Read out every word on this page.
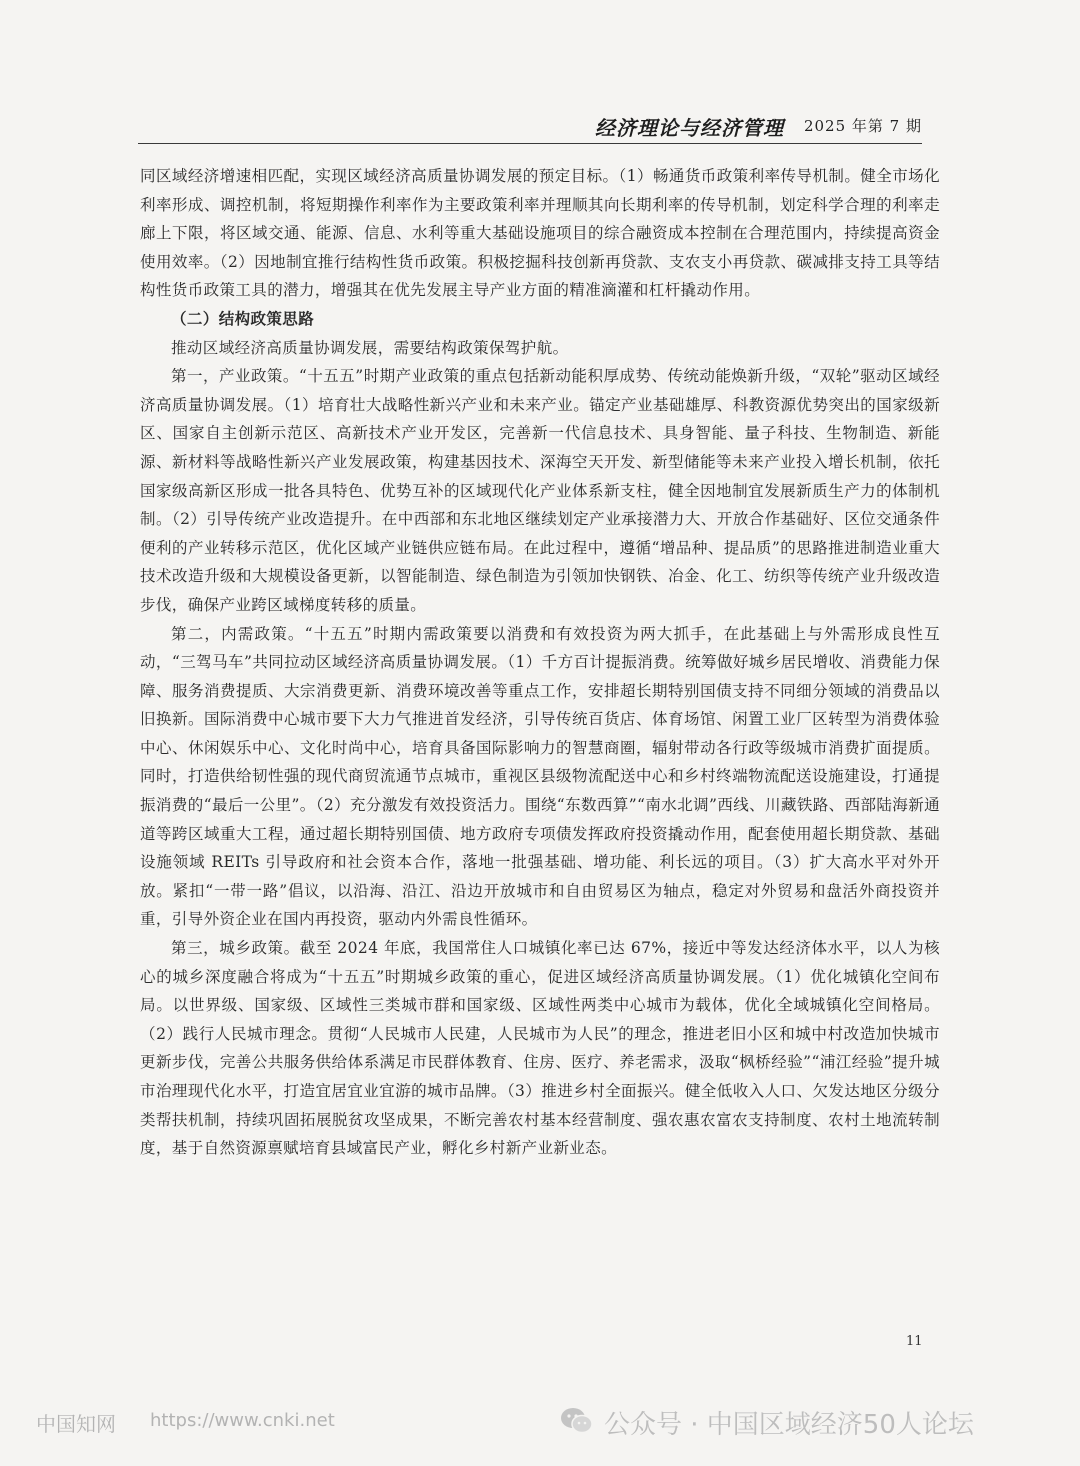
经济理论与经济管理 2025 年第 7 期

同区域经济增速相匹配，实现区域经济高质量协调发展的预定目标。（1）畅通货币政策利率传导机制。健全市场化利率形成、调控机制，将短期操作利率作为主要政策利率并理顺其向长期利率的传导机制，划定科学合理的利率走廊上下限，将区域交通、能源、信息、水利等重大基础设施项目的综合融资成本控制在合理范围内，持续提高资金使用效率。（2）因地制宜推行结构性货币政策。积极挖掘科技创新再贷款、支农支小再贷款、碳减排支持工具等结构性货币政策工具的潜力，增强其在优先发展主导产业方面的精准滴灌和杠杆撬动作用。

（二）结构政策思路

推动区域经济高质量协调发展，需要结构政策保驾护航。

第一，产业政策。“十五五”时期产业政策的重点包括新动能积厚成势、传统动能焕新升级，“双轮”驱动区域经济高质量协调发展。（1）培育壮大战略性新兴产业和未来产业。锚定产业基础雄厚、科教资源优势突出的国家级新区、国家自主创新示范区、高新技术产业开发区，完善新一代信息技术、具身智能、量子科技、生物制造、新能源、新材料等战略性新兴产业发展政策，构建基因技术、深海空天开发、新型储能等未来产业投入增长机制，依托国家级高新区形成一批各具特色、优势互补的区域现代化产业体系新支柱，健全因地制宜发展新质生产力的体制机制。（2）引导传统产业改造提升。在中西部和东北地区继续划定产业承接潜力大、开放合作基础好、区位交通条件便利的产业转移示范区，优化区域产业链供应链布局。在此过程中，遵循“增品种、提品质”的思路推进制造业重大技术改造升级和大规模设备更新，以智能制造、绿色制造为引领加快钢铁、冶金、化工、纺织等传统产业升级改造步伐，确保产业跨区域梯度转移的质量。

第二，内需政策。“十五五”时期内需政策要以消费和有效投资为两大抓手，在此基础上与外需形成良性互动，“三驾马车”共同拉动区域经济高质量协调发展。（1）千方百计提振消费。统筹做好城乡居民增收、消费能力保障、服务消费提质、大宗消费更新、消费环境改善等重点工作，安排超长期特别国债支持不同细分领域的消费品以旧换新。国际消费中心城市要下大力气推进首发经济，引导传统百货店、体育场馆、闲置工业厂区转型为消费体验中心、休闲娱乐中心、文化时尚中心，培育具备国际影响力的智慧商圈，辐射带动各行政等级城市消费扩面提质。同时，打造供给韧性强的现代商贸流通节点城市，重视区县级物流配送中心和乡村终端物流配送设施建设，打通提振消费的“最后一公里”。（2）充分激发有效投资活力。围绕“东数西算”“南水北调”西线、川藏铁路、西部陆海新通道等跨区域重大工程，通过超长期特别国债、地方政府专项债发挥政府投资撬动作用，配套使用超长期贷款、基础设施领域 REITs 引导政府和社会资本合作，落地一批强基础、增功能、利长远的项目。（3）扩大高水平对外开放。紧扣“一带一路”倡议，以沿海、沿江、沿边开放城市和自由贸易区为轴点，稳定对外贸易和盘活外商投资并重，引导外资企业在国内再投资，驱动内外需良性循环。

第三，城乡政策。截至 2024 年底，我国常住人口城镇化率已达 67%，接近中等发达经济体水平，以人为核心的城乡深度融合将成为“十五五”时期城乡政策的重心，促进区域经济高质量协调发展。（1）优化城镇化空间布局。以世界级、国家级、区域性三类城市群和国家级、区域性两类中心城市为载体，优化全域城镇化空间格局。（2）践行人民城市理念。贯彻“人民城市人民建，人民城市为人民”的理念，推进老旧小区和城中村改造加快城市更新步伐，完善公共服务供给体系满足市民群体教育、住房、医疗、养老需求，汲取“枫桥经验”“浦江经验”提升城市治理现代化水平，打造宜居宜业宜游的城市品牌。（3）推进乡村全面振兴。健全低收入人口、欠发达地区分级分类帮扶机制，持续巩固拓展脱贫攻坚成果，不断完善农村基本经营制度、强农惠农富农支持制度、农村土地流转制度，基于自然资源禀赋培育县域富民产业，孵化乡村新产业新业态。

11
中国知网 https://www.cnki.net	公众号 · 中国区域经济50人论坛
